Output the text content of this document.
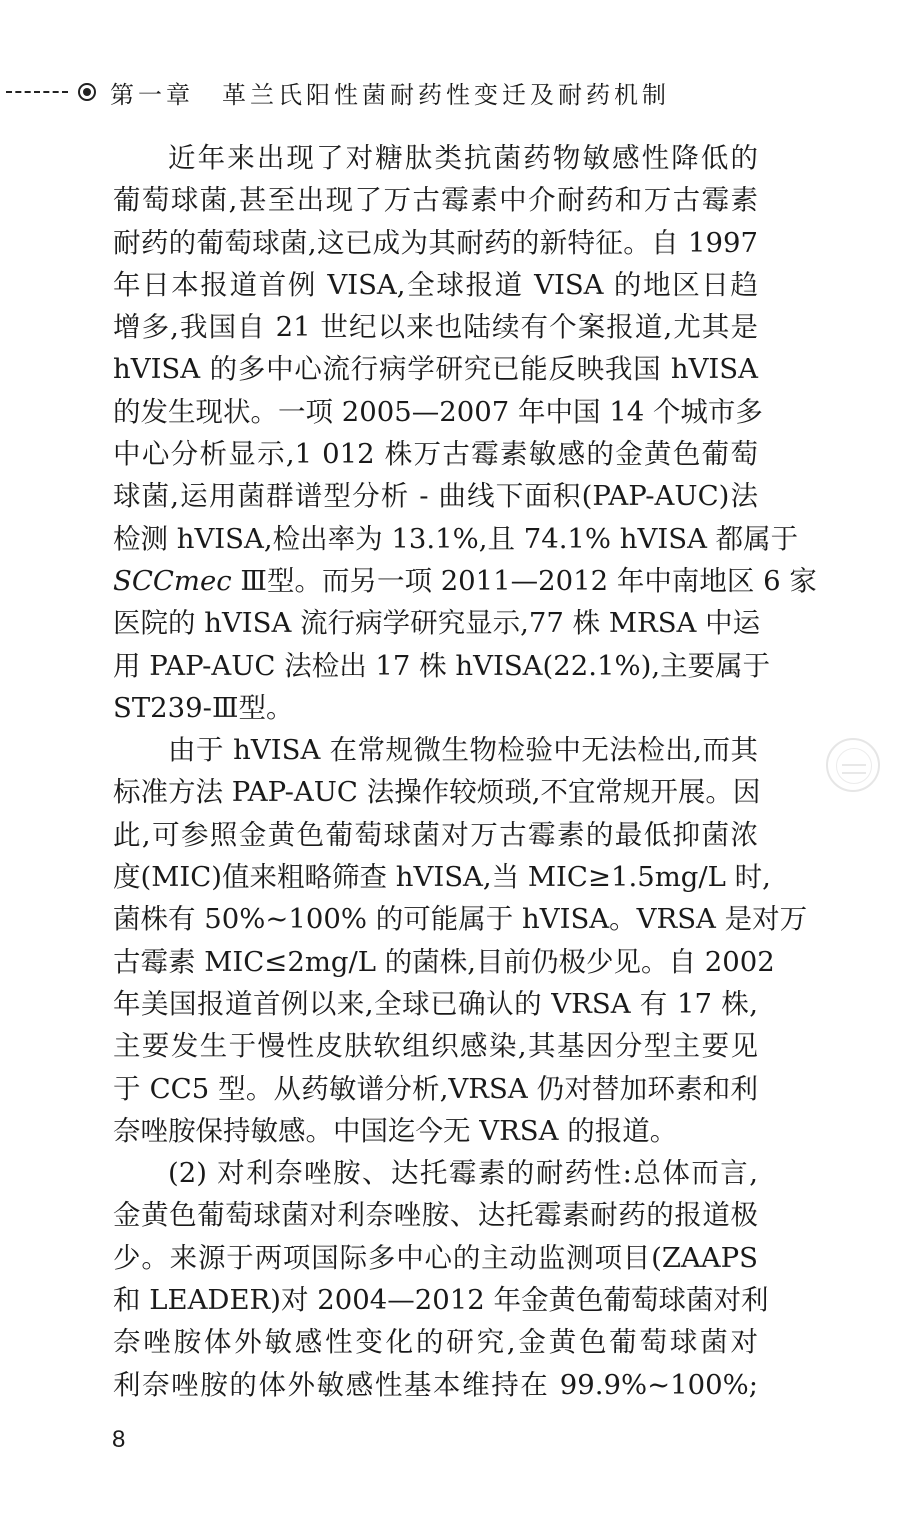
第一章　革兰氏阳性菌耐药性变迁及耐药机制
近年来出现了对糖肽类抗菌药物敏感性降低的
葡萄球菌,甚至出现了万古霉素中介耐药和万古霉素
耐药的葡萄球菌,这已成为其耐药的新特征。自 1997
年日本报道首例 VISA,全球报道 VISA 的地区日趋
增多,我国自 21 世纪以来也陆续有个案报道,尤其是
hVISA 的多中心流行病学研究已能反映我国 hVISA
的发生现状。一项 2005—2007 年中国 14 个城市多
中心分析显示,1 012 株万古霉素敏感的金黄色葡萄
球菌,运用菌群谱型分析 - 曲线下面积(PAP-AUC)法
检测 hVISA,检出率为 13.1%,且 74.1% hVISA 都属于
SCCmec Ⅲ型。而另一项 2011—2012 年中南地区 6 家
医院的 hVISA 流行病学研究显示,77 株 MRSA 中运
用 PAP-AUC 法检出 17 株 hVISA(22.1%),主要属于
ST239-Ⅲ型。
由于 hVISA 在常规微生物检验中无法检出,而其
标准方法 PAP-AUC 法操作较烦琐,不宜常规开展。因
此,可参照金黄色葡萄球菌对万古霉素的最低抑菌浓
度(MIC)值来粗略筛查 hVISA,当 MIC≥1.5mg/L 时,
菌株有 50%~100% 的可能属于 hVISA。VRSA 是对万
古霉素 MIC≤2mg/L 的菌株,目前仍极少见。自 2002
年美国报道首例以来,全球已确认的 VRSA 有 17 株,
主要发生于慢性皮肤软组织感染,其基因分型主要见
于 CC5 型。从药敏谱分析,VRSA 仍对替加环素和利
奈唑胺保持敏感。中国迄今无 VRSA 的报道。
(2) 对利奈唑胺、达托霉素的耐药性:总体而言,
金黄色葡萄球菌对利奈唑胺、达托霉素耐药的报道极
少。来源于两项国际多中心的主动监测项目(ZAAPS
和 LEADER)对 2004—2012 年金黄色葡萄球菌对利
奈唑胺体外敏感性变化的研究,金黄色葡萄球菌对
利奈唑胺的体外敏感性基本维持在 99.9%~100%;
8
